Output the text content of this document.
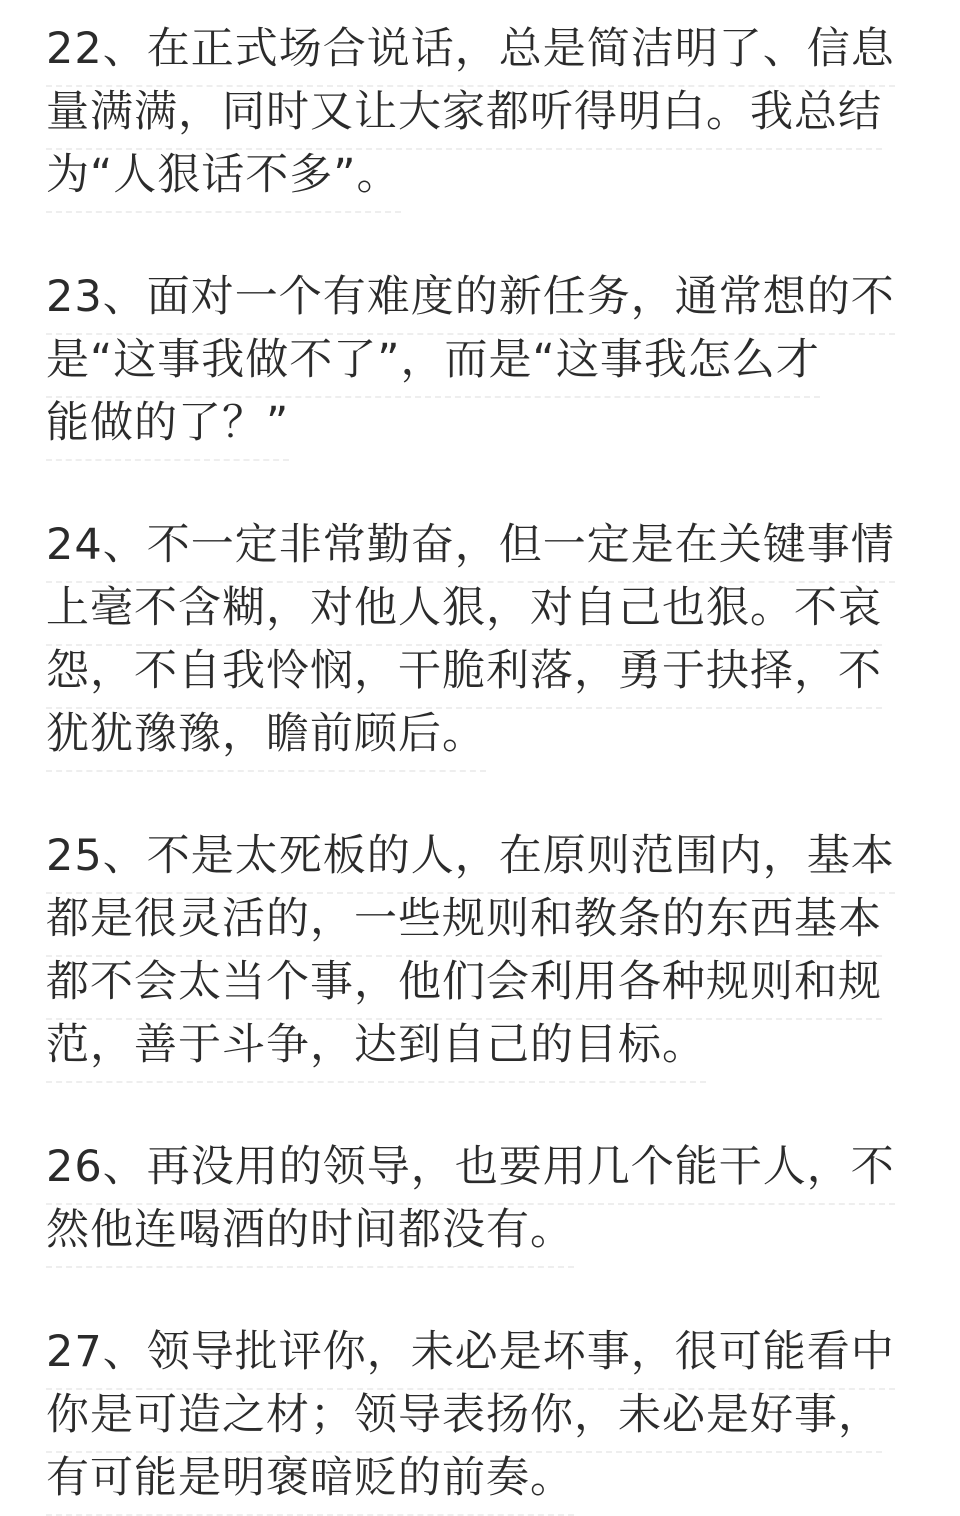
22、在正式场合说话，总是简洁明了、信息
量满满，同时又让大家都听得明白。我总结
为“人狠话不多”。
23、面对一个有难度的新任务，通常想的不
是“这事我做不了”，而是“这事我怎么才
能做的了？”
24、不一定非常勤奋，但一定是在关键事情
上毫不含糊，对他人狠，对自己也狠。不哀
怨，不自我怜悯，干脆利落，勇于抉择，不
犹犹豫豫，瞻前顾后。
25、不是太死板的人，在原则范围内，基本
都是很灵活的，一些规则和教条的东西基本
都不会太当个事，他们会利用各种规则和规
范，善于斗争，达到自己的目标。
26、再没用的领导，也要用几个能干人，不
然他连喝酒的时间都没有。
27、领导批评你，未必是坏事，很可能看中
你是可造之材；领导表扬你，未必是好事，
有可能是明褒暗贬的前奏。
